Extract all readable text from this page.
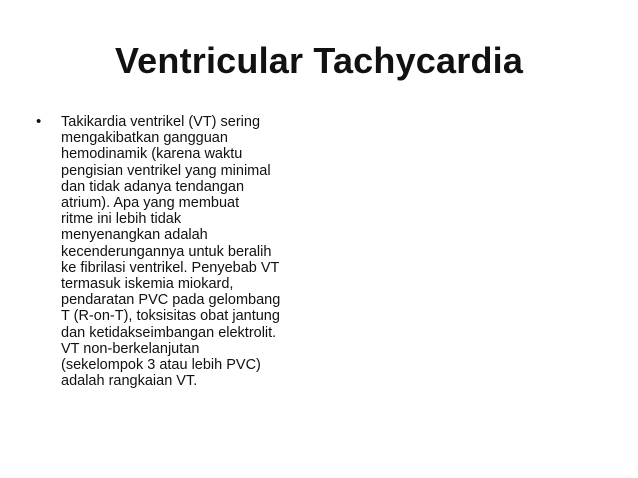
Ventricular Tachycardia
• Takikardia ventrikel (VT) sering
mengakibatkan gangguan
hemodinamik (karena waktu
pengisian ventrikel yang minimal
dan tidak adanya tendangan
atrium). Apa yang membuat
ritme ini lebih tidak
menyenangkan adalah
kecenderungannya untuk beralih
ke fibrilasi ventrikel. Penyebab VT
termasuk iskemia miokard,
pendaratan PVC pada gelombang
T (R-on-T), toksisitas obat jantung
dan ketidakseimbangan elektrolit.
VT non-berkelanjutan
(sekelompok 3 atau lebih PVC)
adalah rangkaian VT.
